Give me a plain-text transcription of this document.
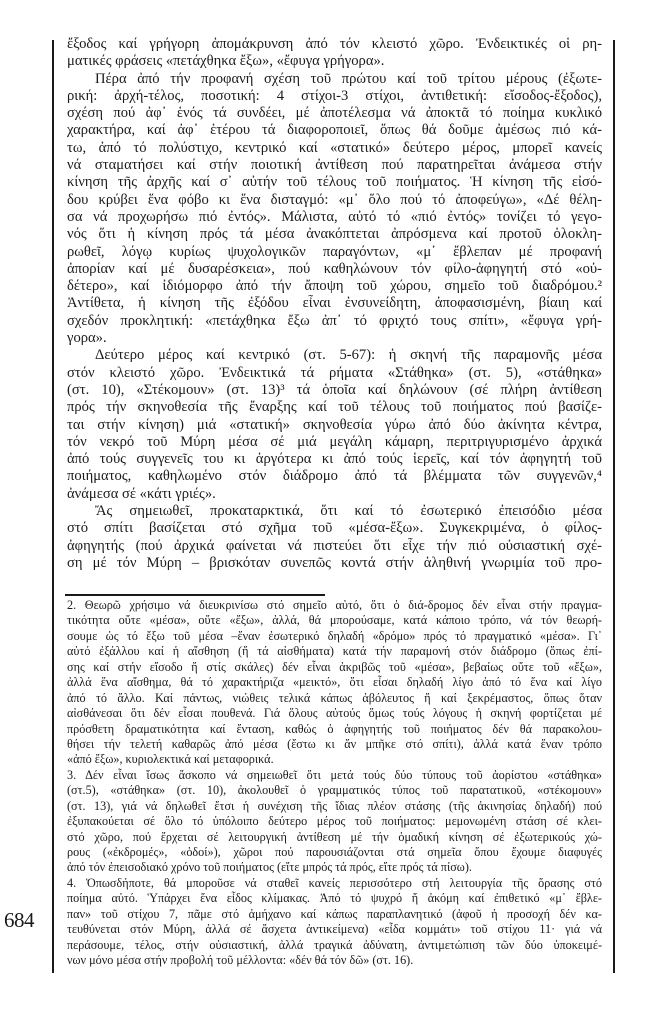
ἔξοδος καί γρήγορη ἀπομάκρυνση ἀπό τόν κλειστό χῶρο. Ἐνδεικτικές οἱ ρη-
ματικές φράσεις «πετάχθηκα ἔξω», «ἔφυγα γρήγορα».
Πέρα ἀπό τήν προφανή σχέση τοῦ πρώτου καί τοῦ τρίτου μέρους (ἐξωτε-
ρική: ἀρχή-τέλος, ποσοτική: 4 στίχοι-3 στίχοι, ἀντιθετική: εἴσοδος-ἔξοδος),
σχέση πού ἀφ᾽ ἑνός τά συνδέει, μέ ἀποτέλεσμα νά ἀποκτᾶ τό ποίημα κυκλικό
χαρακτήρα, καί ἀφ᾽ ἑτέρου τά διαφοροποιεῖ, ὅπως θά δοῦμε ἀμέσως πιό κά-
τω, ἀπό τό πολύστιχο, κεντρικό καί «στατικό» δεύτερο μέρος, μπορεῖ κανείς
νά σταματήσει καί στήν ποιοτική ἀντίθεση πού παρατηρεῖται ἀνάμεσα στήν
κίνηση τῆς ἀρχῆς καί σ᾽ αὐτήν τοῦ τέλους τοῦ ποιήματος. Ἡ κίνηση τῆς εἰσό-
δου κρύβει ἕνα φόβο κι ἕνα δισταγμό: «μ᾽ ὅλο πού τό ἀποφεύγω», «Δέ θέλη-
σα νά προχωρήσω πιό ἐντός». Μάλιστα, αὐτό τό «πιό ἐντός» τονίζει τό γεγο-
νός ὅτι ἡ κίνηση πρός τά μέσα ἀνακόπτεται ἀπρόσμενα καί προτοῦ ὁλοκλη-
ρωθεῖ, λόγῳ κυρίως ψυχολογικῶν παραγόντων, «μ᾽ ἔβλεπαν μέ προφανή
ἀπορίαν καί μέ δυσαρέσκεια», πού καθηλώνουν τόν φίλο-ἀφηγητή στό «οὐ-
δέτερο», καί ἰδιόμορφο ἀπό τήν ἄποψη τοῦ χώρου, σημεῖο τοῦ διαδρόμου.²
Ἀντίθετα, ἡ κίνηση τῆς ἐξόδου εἶναι ἐνσυνείδητη, ἀποφασισμένη, βίαιη καί
σχεδόν προκλητική: «πετάχθηκα ἔξω ἀπ᾽ τό φριχτό τους σπίτι», «ἔφυγα γρή-
γορα».
Δεύτερο μέρος καί κεντρικό (στ. 5-67): ἡ σκηνή τῆς παραμονῆς μέσα
στόν κλειστό χῶρο. Ἐνδεικτικά τά ρήματα «Στάθηκα» (στ. 5), «στάθηκα»
(στ. 10), «Στέκομουν» (στ. 13)³ τά ὁποῖα καί δηλώνουν (σέ πλήρη ἀντίθεση
πρός τήν σκηνοθεσία τῆς ἔναρξης καί τοῦ τέλους τοῦ ποιήματος πού βασίζε-
ται στήν κίνηση) μιά «στατική» σκηνοθεσία γύρω ἀπό δύο ἀκίνητα κέντρα,
τόν νεκρό τοῦ Μύρη μέσα σέ μιά μεγάλη κάμαρη, περιτριγυρισμένο ἀρχικά
ἀπό τούς συγγενεῖς του κι ἀργότερα κι ἀπό τούς ἱερεῖς, καί τόν ἀφηγητή τοῦ
ποιήματος, καθηλωμένο στόν διάδρομο ἀπό τά βλέμματα τῶν συγγενῶν,⁴
ἀνάμεσα σέ «κάτι γριές».
Ἄς σημειωθεῖ, προκαταρκτικά, ὅτι καί τό ἐσωτερικό ἐπεισόδιο μέσα
στό σπίτι βασίζεται στό σχῆμα τοῦ «μέσα-ἔξω». Συγκεκριμένα, ὁ φίλος-
ἀφηγητής (πού ἀρχικά φαίνεται νά πιστεύει ὅτι εἶχε τήν πιό οὐσιαστική σχέ-
ση μέ τόν Μύρη – βρισκόταν συνεπῶς κοντά στήν ἀληθινή γνωριμία τοῦ προ-
2. Θεωρῶ χρήσιμο νά διευκρινίσω στό σημεῖο αὐτό, ὅτι ὁ διά-δρομος δέν εἶναι στήν πραγμα-
τικότητα οὔτε «μέσα», οὔτε «ἔξω», ἀλλά, θά μπορούσαμε, κατά κάποιο τρόπο, νά τόν θεωρή-
σουμε ὡς τό ἔξω τοῦ μέσα –ἕναν ἐσωτερικό δηλαδή «δρόμο» πρός τό πραγματικό «μέσα». Γι᾽
αὐτό ἐξάλλου καί ἡ αἴσθηση (ἤ τά αἰσθήματα) κατά τήν παραμονή στόν διάδρομο (ὅπως ἐπί-
σης καί στήν εἴσοδο ἤ στίς σκάλες) δέν εἶναι ἀκριβῶς τοῦ «μέσα», βεβαίως οὔτε τοῦ «ἔξω»,
ἀλλά ἕνα αἴσθημα, θά τό χαρακτήριζα «μεικτό», ὅτι εἶσαι δηλαδή λίγο ἀπό τό ἕνα καί λίγο
ἀπό τό ἄλλο. Καί πάντως, νιώθεις τελικά κάπως ἀβόλευτος ἤ καί ξεκρέμαστος, ὅπως ὅταν
αἰσθάνεσαι ὅτι δέν εἶσαι πουθενά. Γιά ὅλους αὐτούς ὅμως τούς λόγους ἡ σκηνή φορτίζεται μέ
πρόσθετη δραματικότητα καί ἔνταση, καθώς ὁ ἀφηγητής τοῦ ποιήματος δέν θά παρακολου-
θήσει τήν τελετή καθαρῶς ἀπό μέσα (ἔστω κι ἄν μπῆκε στό σπίτι), ἀλλά κατά ἕναν τρόπο
«ἀπό ἔξω», κυριολεκτικά καί μεταφορικά.
3. Δέν εἶναι ἴσως ἄσκοπο νά σημειωθεῖ ὅτι μετά τούς δύο τύπους τοῦ ἀορίστου «στάθηκα»
(στ.5), «στάθηκα» (στ. 10), ἀκολουθεῖ ὁ γραμματικός τύπος τοῦ παρατατικοῦ, «στέκομουν»
(στ. 13), γιά νά δηλωθεῖ ἔτσι ἡ συνέχιση τῆς ἴδιας πλέον στάσης (τῆς ἀκινησίας δηλαδή) πού
ἐξυπακούεται σέ ὅλο τό ὑπόλοιπο δεύτερο μέρος τοῦ ποιήματος: μεμονωμένη στάση σέ κλει-
στό χῶρο, πού ἔρχεται σέ λειτουργική ἀντίθεση μέ τήν ὁμαδική κίνηση σέ ἐξωτερικούς χώ-
ρους («ἐκδρομές», «ὁδοί»), χῶροι πού παρουσιάζονται στά σημεῖα ὅπου ἔχουμε διαφυγές
ἀπό τόν ἐπεισοδιακό χρόνο τοῦ ποιήματος (εἴτε μπρός τά πρός, εἴτε πρός τά πίσω).
4. Ὁπωσδήποτε, θά μποροῦσε νά σταθεῖ κανείς περισσότερο στή λειτουργία τῆς ὅρασης στό
ποίημα αὐτό. Ὑπάρχει ἕνα εἶδος κλίμακας. Ἀπό τό ψυχρό ἤ ἀκόμη καί ἐπιθετικό «μ᾽ ἔβλε-
παν» τοῦ στίχου 7, πᾶμε στό ἀμήχανο καί κάπως παραπλανητικό (ἀφοῦ ἡ προσοχή δέν κα-
τευθύνεται στόν Μύρη, ἀλλά σέ ἄσχετα ἀντικείμενα) «εἶδα κομμάτι» τοῦ στίχου 11· γιά νά
περάσουμε, τέλος, στήν οὐσιαστική, ἀλλά τραγικά ἀδύνατη, ἀντιμετώπιση τῶν δύο ὑποκειμέ-
νων μόνο μέσα στήν προβολή τοῦ μέλλοντα: «δέν θά τόν δῶ» (στ. 16).
684
